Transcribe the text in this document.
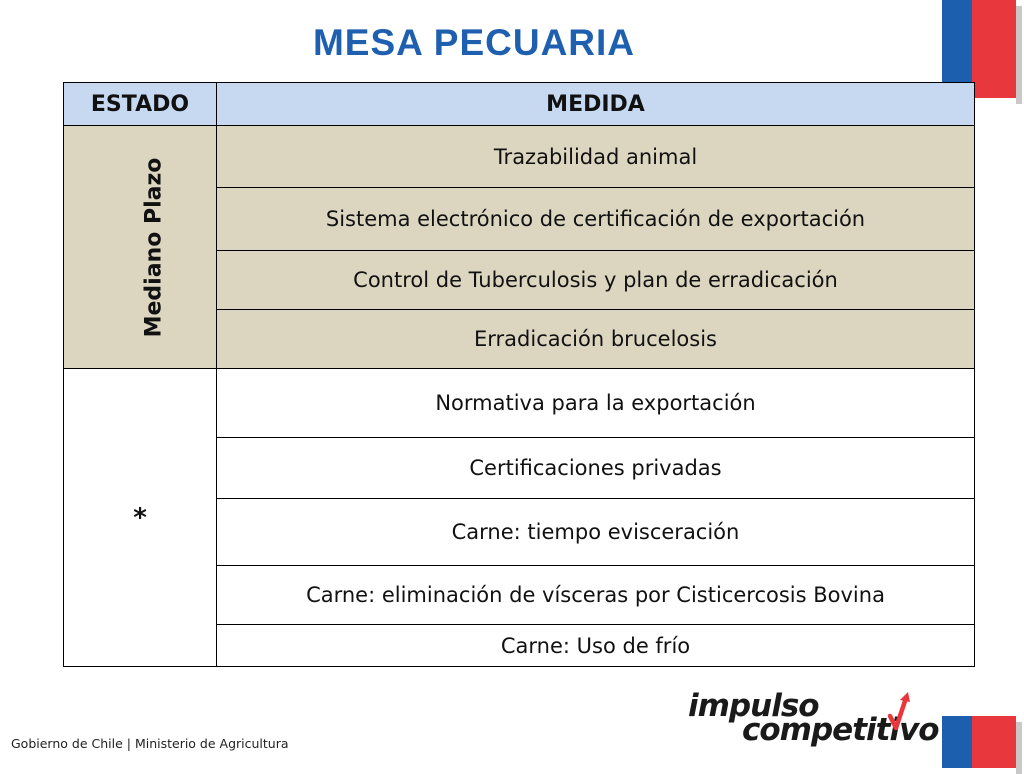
MESA PECUARIA
ESTADO	MEDIDA
Mediano Plazo	Trazabilidad animal
	Sistema electrónico de certificación de exportación
	Control de Tuberculosis y plan de erradicación
	Erradicación brucelosis
*	Normativa para la exportación
	Certificaciones privadas
	Carne: tiempo evisceración
	Carne: eliminación de vísceras por Cisticercosis Bovina
	Carne: Uso de frío
impulso
competitivo
Gobierno de Chile | Ministerio de Agricultura
